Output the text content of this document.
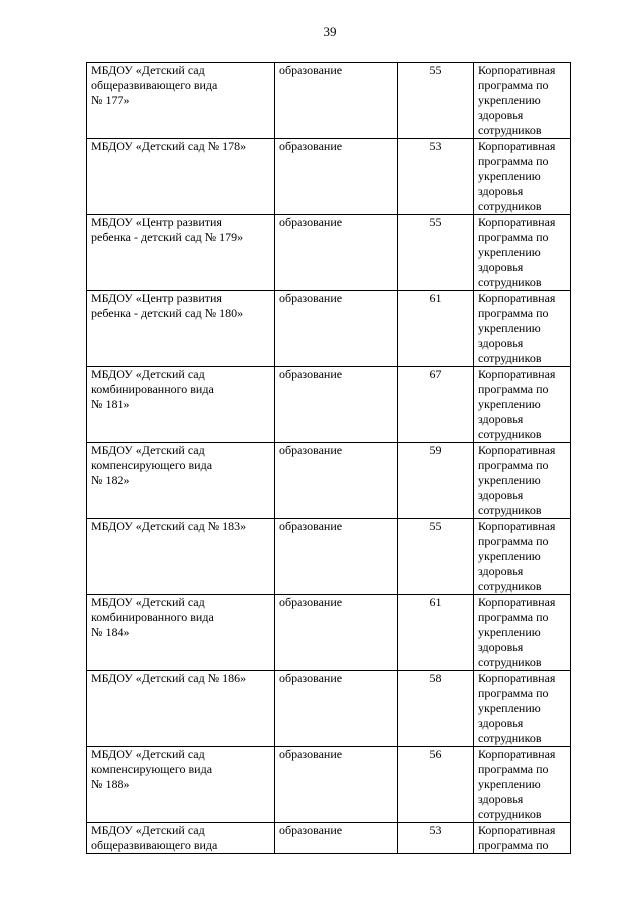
39
МБДОУ «Детский сад
общеразвивающего вида
№ 177»	образование	55	Корпоративная
программа по
укреплению
здоровья
сотрудников

МБДОУ «Детский сад № 178»	образование	53	Корпоративная
программа по
укреплению
здоровья
сотрудников

МБДОУ «Центр развития
ребенка - детский сад № 179»	образование	55	Корпоративная
программа по
укреплению
здоровья
сотрудников

МБДОУ «Центр развития
ребенка - детский сад № 180»	образование	61	Корпоративная
программа по
укреплению
здоровья
сотрудников

МБДОУ «Детский сад
комбинированного вида
№ 181»	образование	67	Корпоративная
программа по
укреплению
здоровья
сотрудников

МБДОУ «Детский сад
компенсирующего вида
№ 182»	образование	59	Корпоративная
программа по
укреплению
здоровья
сотрудников

МБДОУ «Детский сад № 183»	образование	55	Корпоративная
программа по
укреплению
здоровья
сотрудников

МБДОУ «Детский сад
комбинированного вида
№ 184»	образование	61	Корпоративная
программа по
укреплению
здоровья
сотрудников

МБДОУ «Детский сад № 186»	образование	58	Корпоративная
программа по
укреплению
здоровья
сотрудников

МБДОУ «Детский сад
компенсирующего вида
№ 188»	образование	56	Корпоративная
программа по
укреплению
здоровья
сотрудников

МБДОУ «Детский сад
общеразвивающего вида	образование	53	Корпоративная
программа по
